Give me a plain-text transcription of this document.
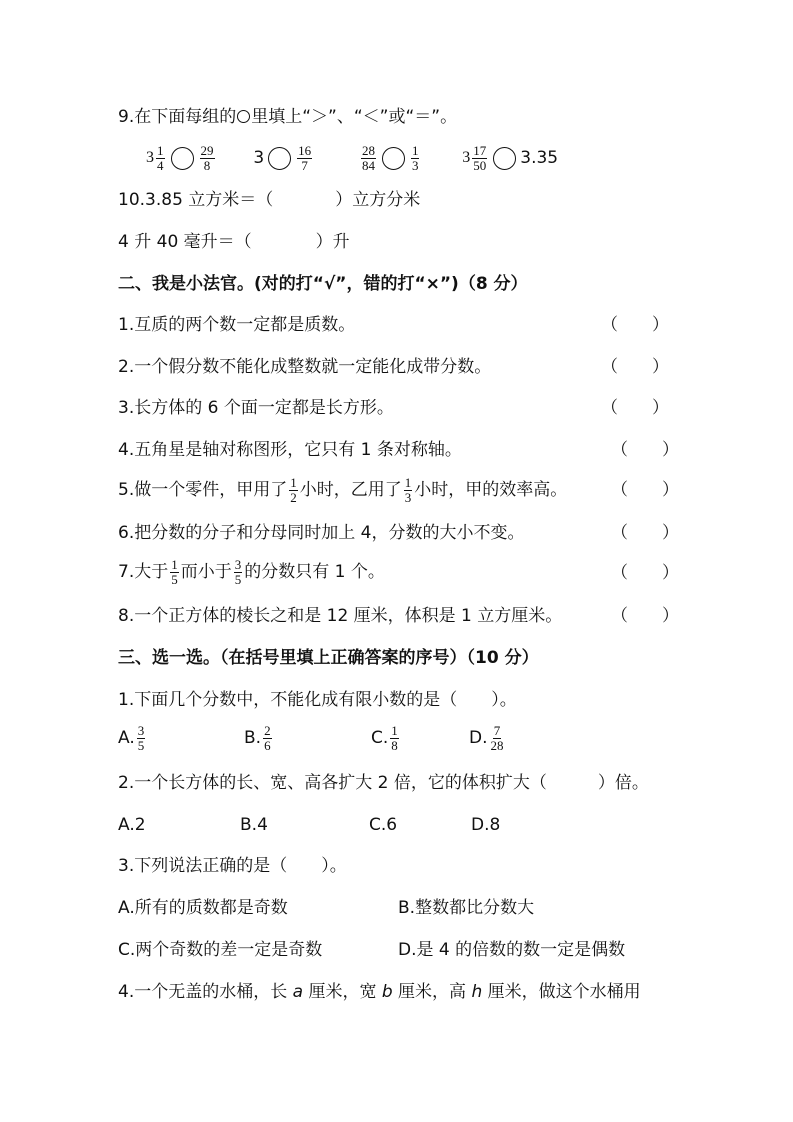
9.在下面每组的 里填上“＞”、“＜”或“＝”。
$3 \frac{1}{4}$	$\frac{29}{8} 3$	$\frac{16}{7}$
	$\frac{28}{84}$	$\frac{1}{3}$	$3 \frac{17}{50} 3.35$
10.3.85 立方米＝（	）立方分米
4 升 40 毫升＝（	）升
二、我是小法官。(对的打“√”，错的打“×”)（8 分）
1.互质的两个数一定都是质数。	（　　）
2.一个假分数不能化成整数就一定能化成带分数。	（　　）
3.长方体的 6 个面一定都是长方形。	（　　）
4.五角星是轴对称图形，它只有 1 条对称轴。	（　　）
5.做一个零件，甲用了 $\frac{1}{2}$ 小时，乙用了 $\frac{1}{3}$ 小时，甲的效率高。	（　　）
6.把分数的分子和分母同时加上 4，分数的大小不变。	（　　）
7.大于 $\frac{1}{5}$ 而小于 $\frac{3}{5}$ 的分数只有 1 个。	（　　）
8.一个正方体的棱长之和是 12 厘米，体积是 1 立方厘米。	（　　）
三、选一选。（在括号里填上正确答案的序号）（10 分）
1.下面几个分数中，不能化成有限小数的是（　　）。
A. $\frac{3}{5}$	B. $\frac{2}{6}$	C. $\frac{1}{8}$	D. $\frac{7}{28}$
2.一个长方体的长、宽、高各扩大 2 倍，它的体积扩大（　　　）倍。
A.2	B.4	C.6	D.8
3.下列说法正确的是（　　）。
A.所有的质数都是奇数	B.整数都比分数大
C.两个奇数的差一定是奇数	D.是 4 的倍数的数一定是偶数
4.一个无盖的水桶，长 a 厘米，宽 b 厘米，高 h 厘米，做这个水桶用
